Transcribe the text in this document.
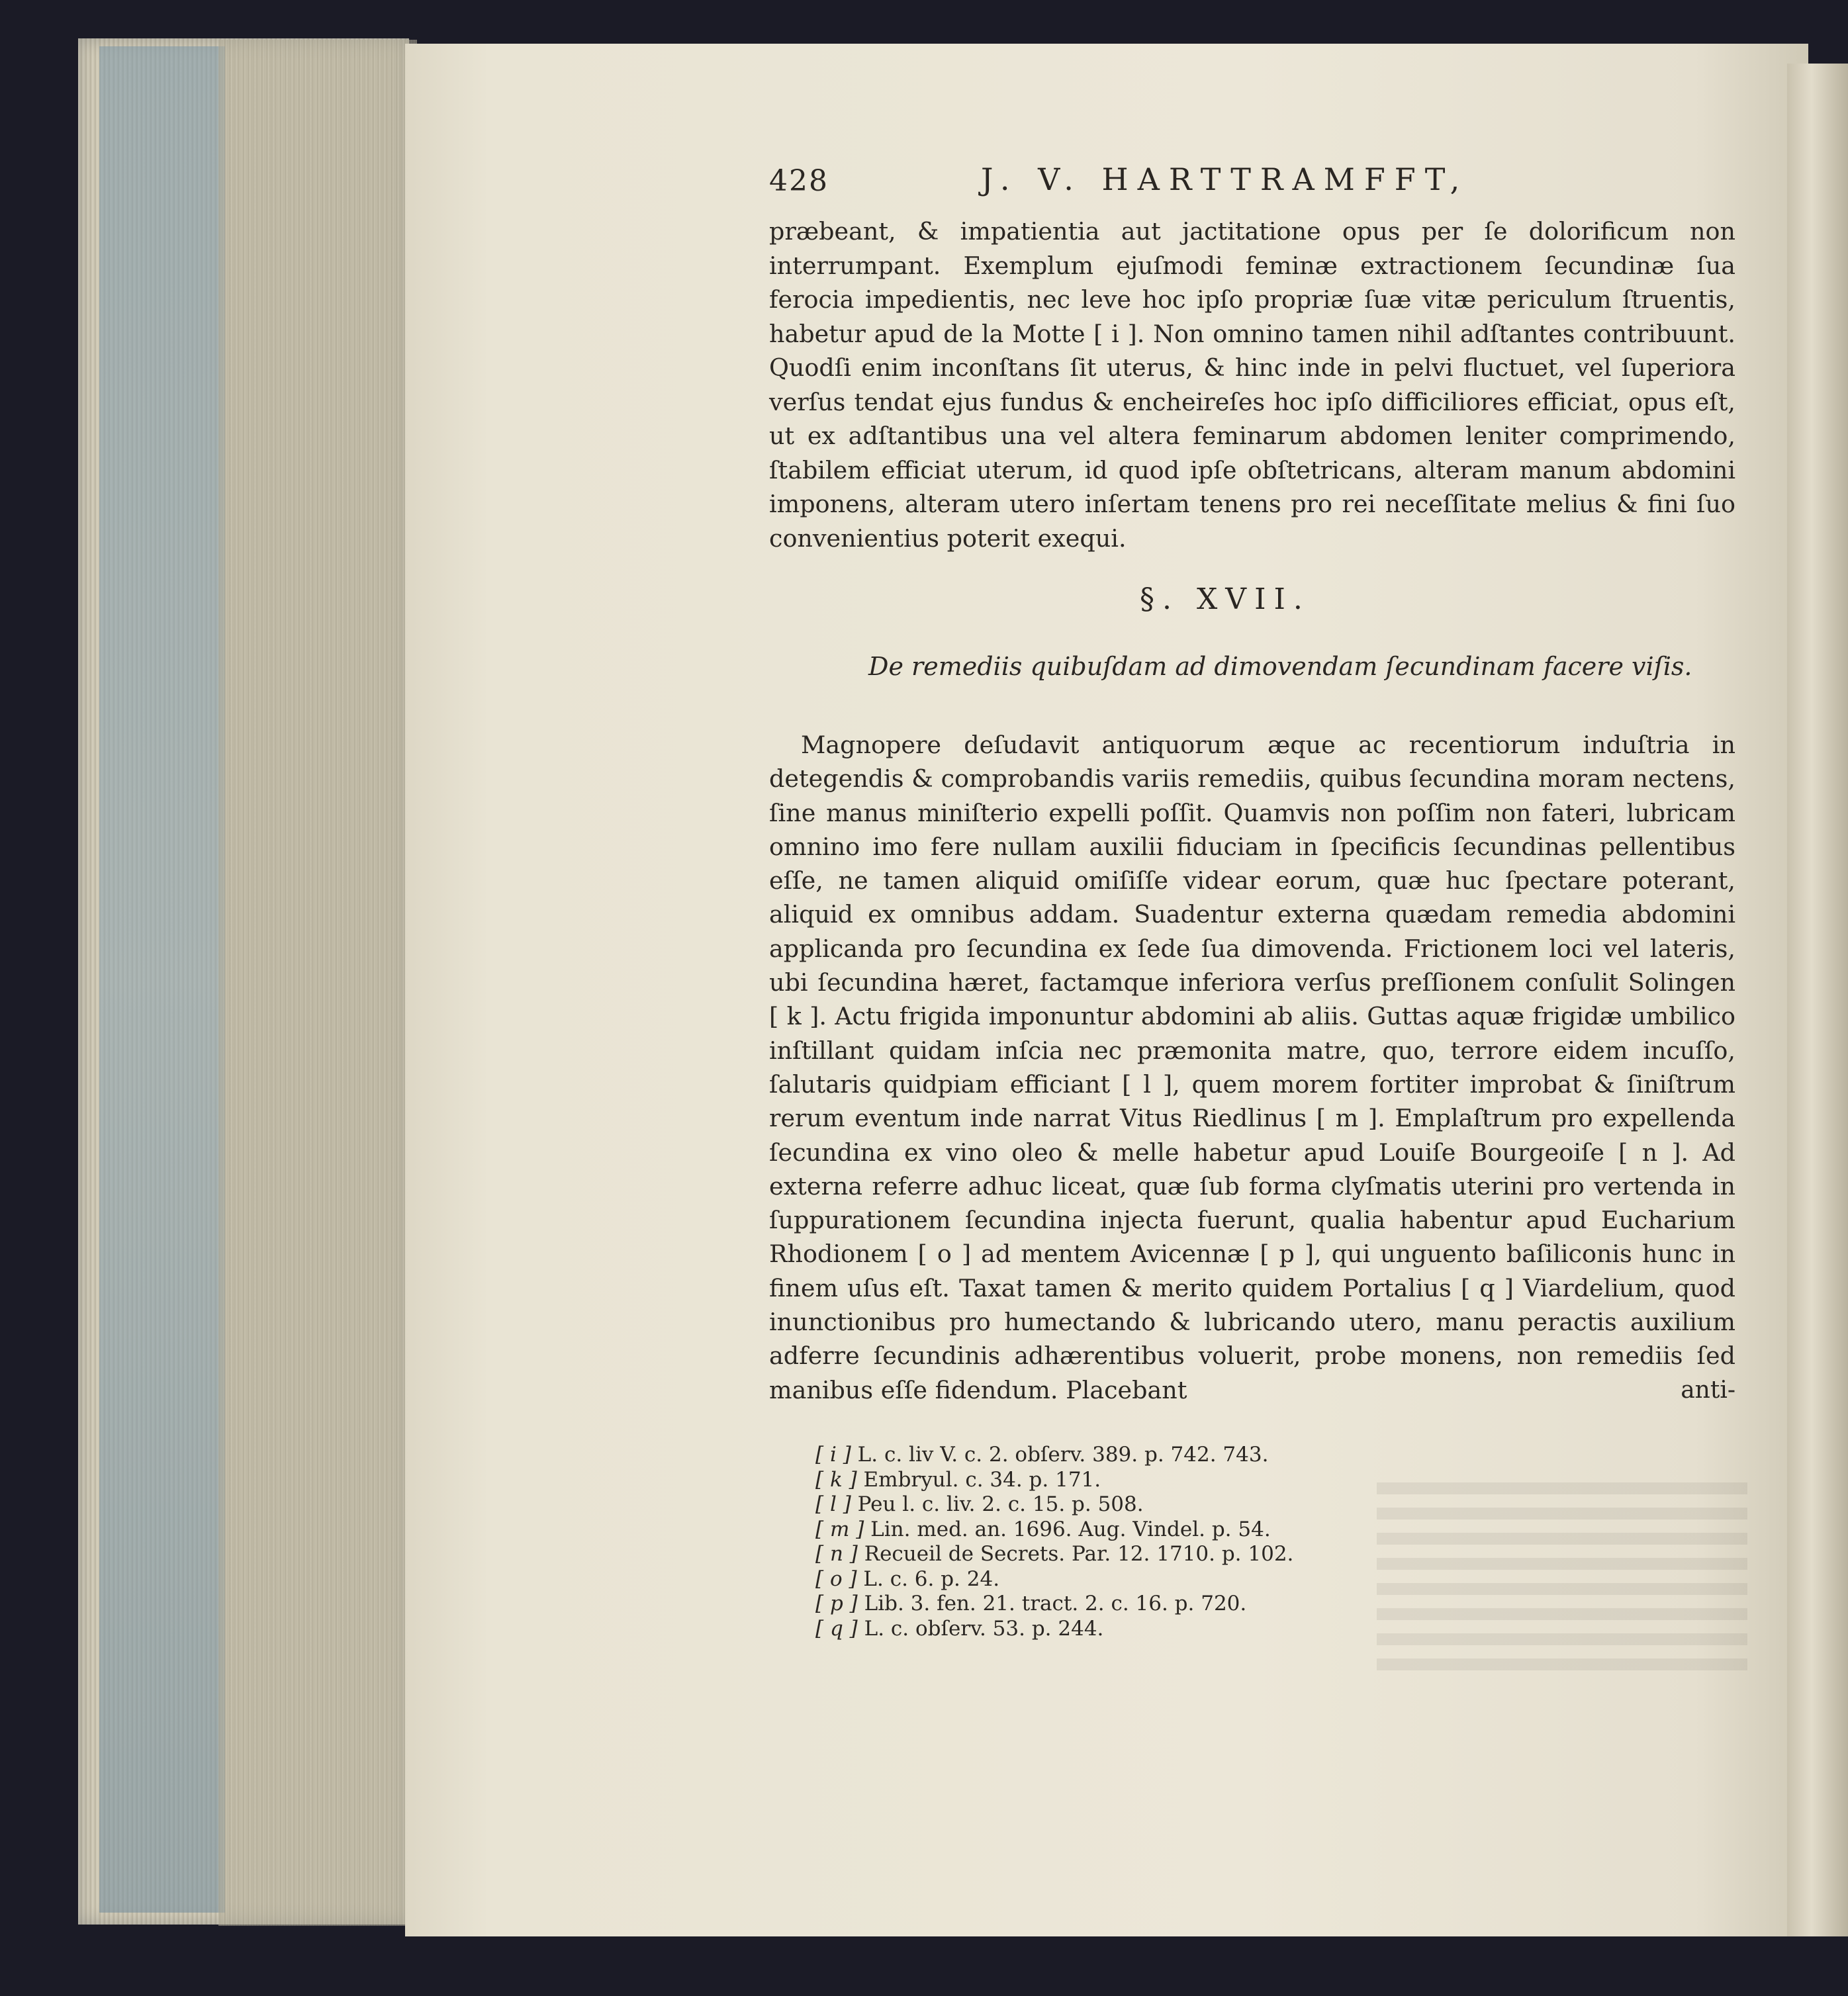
428	J. V. HARTTRAMFFT,

præbeant, & impatientia aut jactitatione opus per ſe dolorificum non interrumpant. Exemplum ejuſmodi feminæ extractionem ſecundinæ ſua ferocia impedientis, nec leve hoc ipſo propriæ ſuæ vitæ periculum ſtruentis, habetur apud de la Motte [ i ]. Non omnino tamen nihil adſtantes contribuunt. Quodſi enim inconſtans ſit uterus, & hinc inde in pelvi fluctuet, vel ſuperiora verſus tendat ejus fundus & encheireſes hoc ipſo difficiliores efficiat, opus eſt, ut ex adſtantibus una vel altera feminarum abdomen leniter comprimendo, ſtabilem efficiat uterum, id quod ipſe obſtetricans, alteram manum abdomini imponens, alteram utero inſertam tenens pro rei neceſſitate melius & fini ſuo convenientius poterit exequi.

§. XVII.
De remediis quibuſdam ad dimovendam ſecundinam facere viſis.
Magnopere deſudavit antiquorum æque ac recentiorum induſtria in detegendis & comprobandis variis remediis, quibus ſecundina moram nectens, ſine manus miniſterio expelli poſſit. Quamvis non poſſim non fateri, lubricam omnino imo fere nullam auxilii fiduciam in ſpecificis ſecundinas pellentibus eſſe, ne tamen aliquid omiſiſſe videar eorum, quæ huc ſpectare poterant, aliquid ex omnibus addam. Suadentur externa quædam remedia abdomini applicanda pro ſecundina ex ſede ſua dimovenda. Frictionem loci vel lateris, ubi ſecundina hæret, factamque inferiora verſus preſſionem conſulit Solingen [ k ]. Actu frigida imponuntur abdomini ab aliis. Guttas aquæ frigidæ umbilico inſtillant quidam inſcia nec præmonita matre, quo, terrore eidem incuſſo, ſalutaris quidpiam efficiant [ l ], quem morem fortiter improbat & ſiniſtrum rerum eventum inde narrat Vitus Riedlinus [ m ]. Emplaſtrum pro expellenda ſecundina ex vino oleo & melle habetur apud Louiſe Bourgeoiſe [ n ]. Ad externa referre adhuc liceat, quæ ſub forma clyſmatis uterini pro vertenda in ſuppurationem ſecundina injecta fuerunt, qualia habentur apud Eucharium Rhodionem [ o ] ad mentem Avicennæ [ p ], qui unguento baſiliconis hunc in finem uſus eſt. Taxat tamen & merito quidem Portalius [ q ] Viardelium, quod inunctionibus pro humectando & lubricando utero, manu peractis auxilium adferre ſecundinis adhærentibus voluerit, probe monens, non remediis ſed manibus eſſe fidendum. Placebant	anti-
[ i ] L. c. liv V. c. 2. obſerv. 389. p. 742. 743.
[ k ] Embryul. c. 34. p. 171.
[ l ] Peu l. c. liv. 2. c. 15. p. 508.
[ m ] Lin. med. an. 1696. Aug. Vindel. p. 54.
[ n ] Recueil de Secrets. Par. 12. 1710. p. 102.
[ o ] L. c. 6. p. 24.
[ p ] Lib. 3. fen. 21. tract. 2. c. 16. p. 720.
[ q ] L. c. obſerv. 53. p. 244.
